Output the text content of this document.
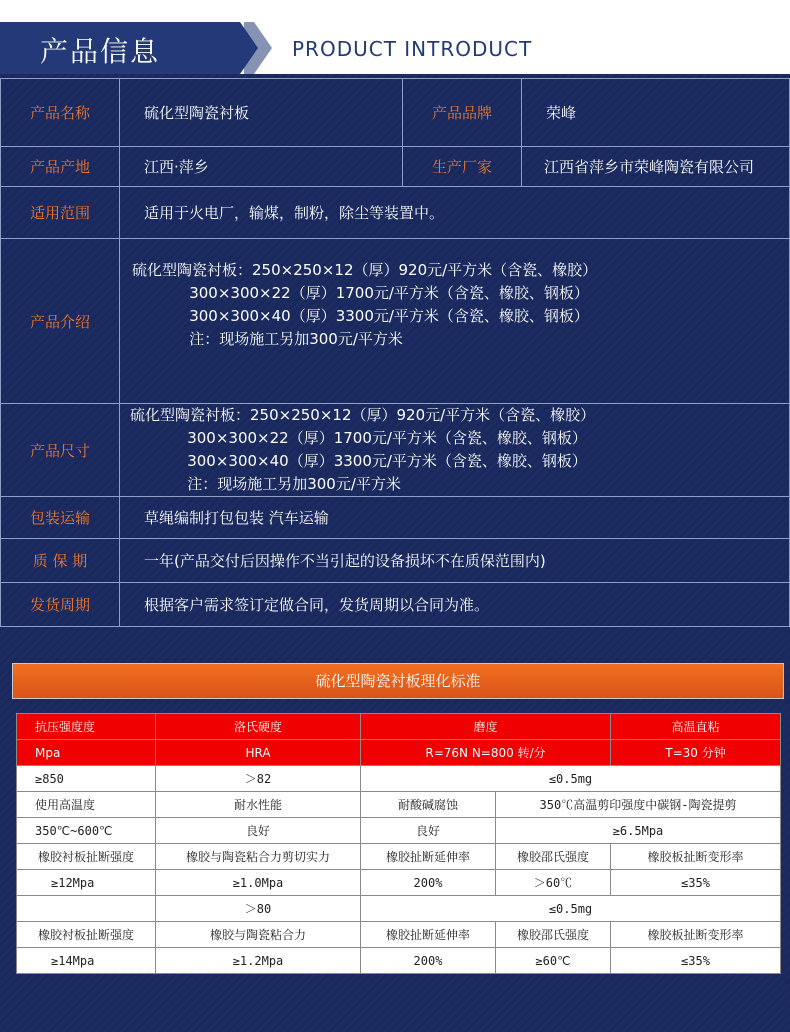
产品信息	PRODUCT INTRODUCT
产品名称	硫化型陶瓷衬板	产品品牌	荣峰
产品产地	江西·萍乡	生产厂家	江西省萍乡市荣峰陶瓷有限公司
适用范围	适用于火电厂，输煤，制粉，除尘等装置中。		
产品介绍	硫化型陶瓷衬板：250×250×12（厚）920元/平方米（含瓷、橡胶）
300×300×22（厚）1700元/平方米（含瓷、橡胶、钢板）
300×300×40（厚）3300元/平方米（含瓷、橡胶、钢板）
注：现场施工另加300元/平方米		

产品尺寸	硫化型陶瓷衬板：250×250×12（厚）920元/平方米（含瓷、橡胶）
300×300×22（厚）1700元/平方米（含瓷、橡胶、钢板）
300×300×40（厚）3300元/平方米（含瓷、橡胶、钢板）
注：现场施工另加300元/平方米		

包装运输	草绳编制打包包装 汽车运输		
质 保 期	一年(产品交付后因操作不当引起的设备损坏不在质保范围内)		
发货周期	根据客户需求签订定做合同，发货周期以合同为准。		
硫化型陶瓷衬板理化标准
抗压强度度	洛氏硬度	磨度		高温直粘
Mpa	HRA	R=76N N=800 转/分		T=30 分钟
≥850	＞82	≤0.5mg		
使用高温度	耐水性能	耐酸碱腐蚀	350℃高温剪印强度中碳钢-陶瓷提剪	
350℃~600℃	良好	良好	≥6.5Mpa	
橡胶衬板扯断强度	橡胶与陶瓷粘合力剪切实力	橡胶扯断延伸率	橡胶邵氏强度	橡胶板扯断变形率
≥12Mpa	≥1.0Mpa	200%	＞60℃	≤35%
	＞80	≤0.5mg		
橡胶衬板扯断强度	橡胶与陶瓷粘合力	橡胶扯断延伸率	橡胶邵氏强度	橡胶板扯断变形率
≥14Mpa	≥1.2Mpa	200%	≥60℃	≤35%
